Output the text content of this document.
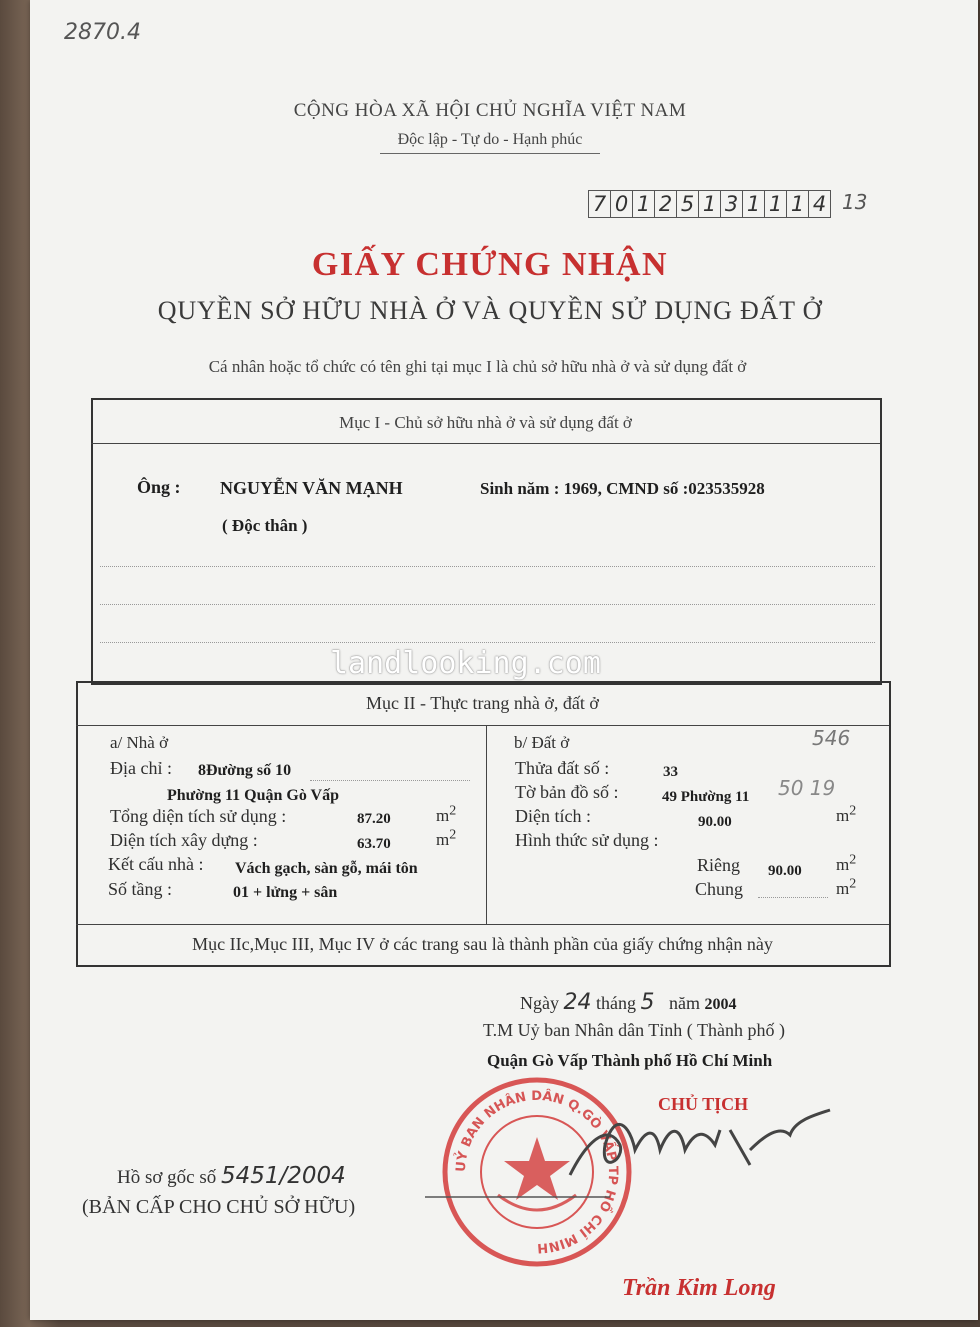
2870.4
CỘNG HÒA XÃ HỘI CHỦ NGHĨA VIỆT NAM
Độc lập - Tự do - Hạnh phúc
7 0 1 2 5 1 3 1 1 1 4 13
GIẤY CHỨNG NHẬN
QUYỀN SỞ HỮU NHÀ Ở VÀ QUYỀN SỬ DỤNG ĐẤT Ở
Cá nhân hoặc tổ chức có tên ghi tại mục I là chủ sở hữu nhà ở và sử dụng đất ở
Mục I - Chủ sở hữu nhà ở và sử dụng đất ở
Ông : NGUYỄN VĂN MẠNH	Sinh năm : 1969, CMND số :023535928
( Độc thân )
landlooking.com
Mục II - Thực trang nhà ở, đất ở
a/ Nhà ở
Địa chỉ : 8Đường số 10
Phường 11 Quận Gò Vấp
Tổng diện tích sử dụng :	87.20	$m^2$
Diện tích xây dựng :	63.70	$m^2$
Kết cấu nhà : Vách gạch, sàn gỗ, mái tôn
Số tầng :	01 + lửng + sân
b/ Đất ở	546
Thửa đất số :	33
Tờ bản đồ số :	49 Phường 11 50 19
Diện tích :	90.00	$m^2$
Hình thức sử dụng :
Riêng 90.00 $m^2$
Chung	$m^2$
Mục IIc,Mục III, Mục IV ở các trang sau là thành phần của giấy chứng nhận này
Ngày 24 tháng 5 năm 2004
T.M Uỷ ban Nhân dân Tỉnh ( Thành phố )
Quận Gò Vấp Thành phố Hồ Chí Minh
CHỦ TỊCH
UỶ BAN NHÂN DÂN Q.GÒ VẤP TP HỒ CHÍ MINH
Hồ sơ gốc số 5451/2004
(BẢN CẤP CHO CHỦ SỞ HỮU)
Trần Kim Long
